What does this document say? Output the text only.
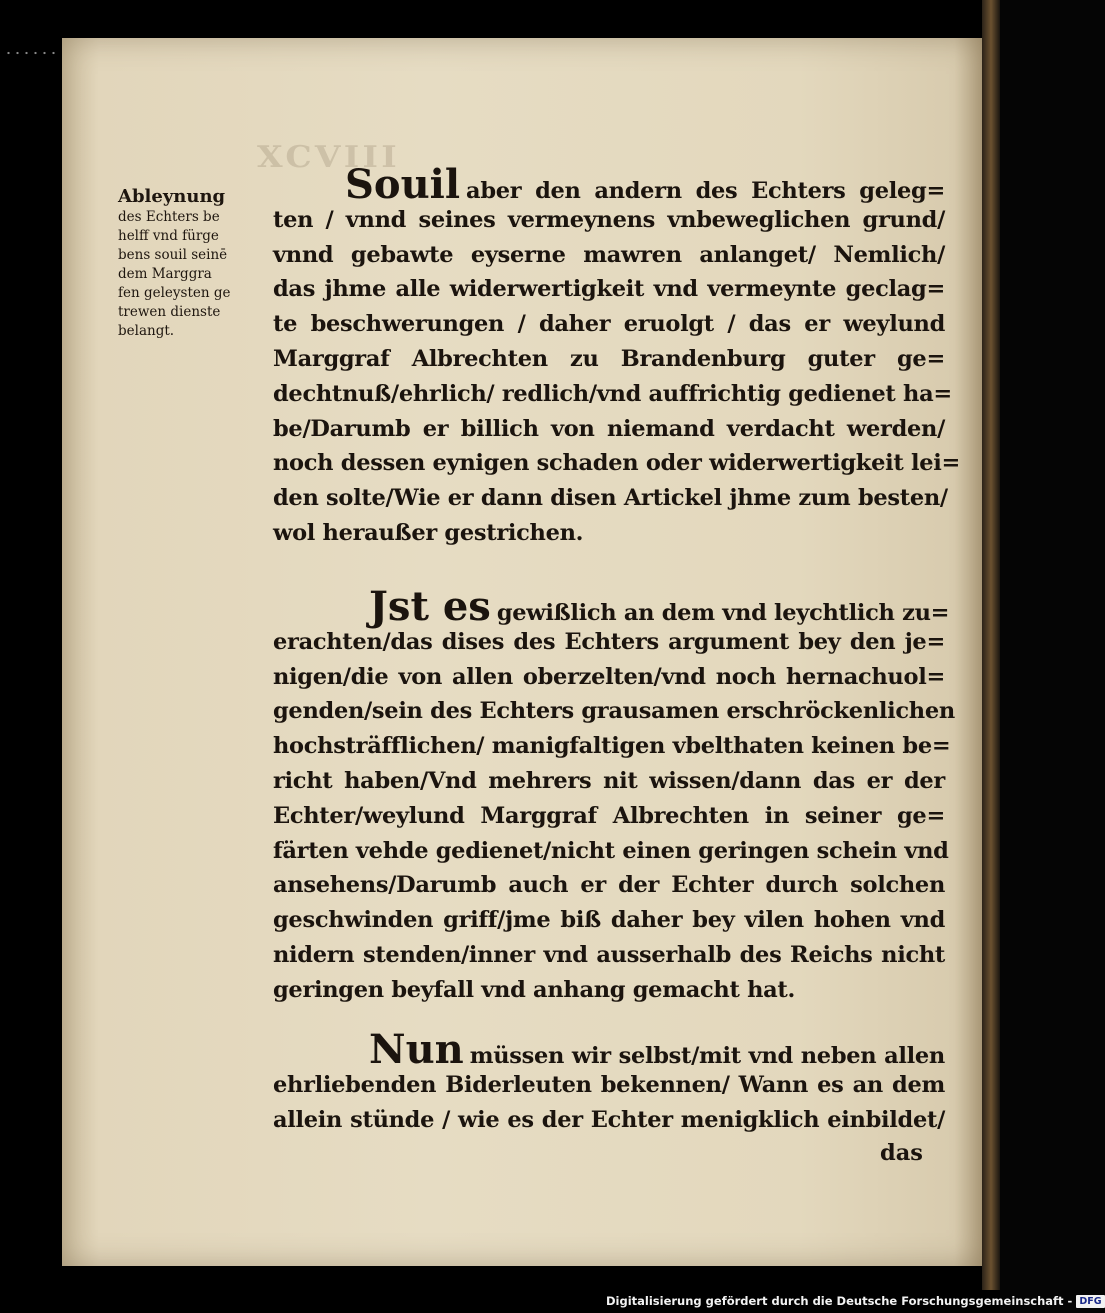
XCVIII
Ableynung
des Echters be
helff vnd fürge
bens souil seinē
dem Marggra
fen geleysten ge
trewen dienste
belangt.
Souil aber den andern des Echters geleg=
ten / vnnd seines vermeynens vnbeweglichen grund/
vnnd gebawte eyserne mawren anlanget/ Nemlich/
das jhme alle widerwertigkeit vnd vermeynte geclag=
te beschwerungen / daher eruolgt / das er weylund
Marggraf Albrechten zu Brandenburg guter ge=
dechtnuß/ehrlich/ redlich/vnd auffrichtig gedienet ha=
be/Darumb er billich von niemand verdacht werden/
noch dessen eynigen schaden oder widerwertigkeit lei=
den solte/Wie er dann disen Artickel jhme zum besten/
wol heraußer gestrichen.
Jst es gewißlich an dem vnd leychtlich zu=
erachten/das dises des Echters argument bey den je=
nigen/die von allen oberzelten/vnd noch hernachuol=
genden/sein des Echters grausamen erschröckenlichen
hochsträfflichen/ manigfaltigen vbelthaten keinen be=
richt haben/Vnd mehrers nit wissen/dann das er der
Echter/weylund Marggraf Albrechten in seiner ge=
färten vehde gedienet/nicht einen geringen schein vnd
ansehens/Darumb auch er der Echter durch solchen
geschwinden griff/jme biß daher bey vilen hohen vnd
nidern stenden/inner vnd ausserhalb des Reichs nicht
geringen beyfall vnd anhang gemacht hat.
Nun müssen wir selbst/mit vnd neben allen
ehrliebenden Biderleuten bekennen/ Wann es an dem
allein stünde / wie es der Echter menigklich einbildet/
das
Digitalisierung gefördert durch die Deutsche Forschungsgemeinschaft - DFG
